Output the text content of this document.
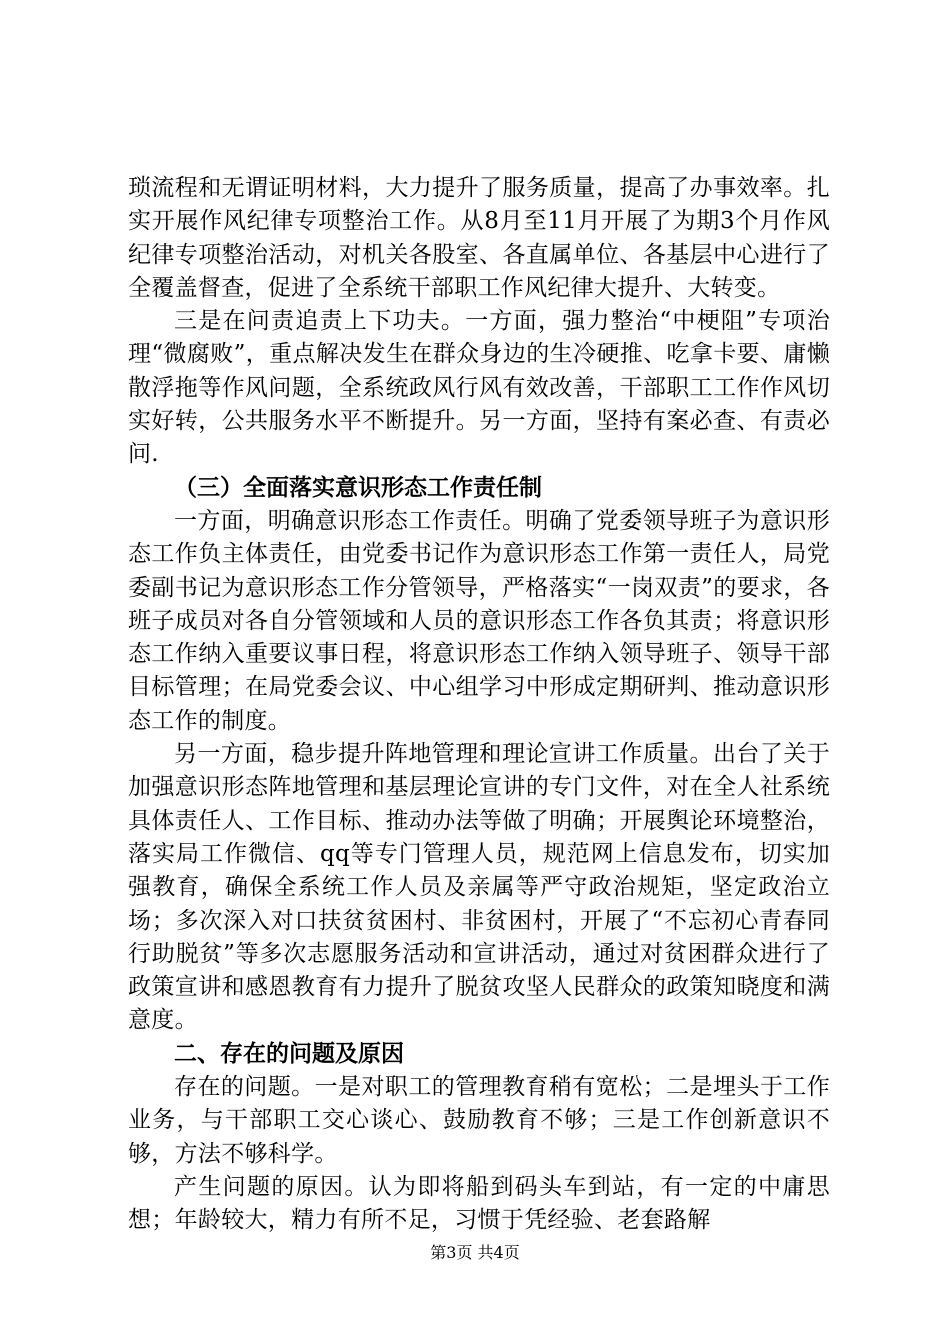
琐流程和无谓证明材料，大力提升了服务质量，提高了办事效率。扎实开展作风纪律专项整治工作。从8月至11月开展了为期3个月作风纪律专项整治活动，对机关各股室、各直属单位、各基层中心进行了全覆盖督查，促进了全系统干部职工作风纪律大提升、大转变。

三是在问责追责上下功夫。一方面，强力整治“中梗阻”专项治理“微腐败”，重点解决发生在群众身边的生冷硬推、吃拿卡要、庸懒散浮拖等作风问题，全系统政风行风有效改善，干部职工工作作风切实好转，公共服务水平不断提升。另一方面，坚持有案必查、有责必问.

（三）全面落实意识形态工作责任制

一方面，明确意识形态工作责任。明确了党委领导班子为意识形态工作负主体责任，由党委书记作为意识形态工作第一责任人，局党委副书记为意识形态工作分管领导，严格落实“一岗双责”的要求，各班子成员对各自分管领域和人员的意识形态工作各负其责；将意识形态工作纳入重要议事日程，将意识形态工作纳入领导班子、领导干部目标管理；在局党委会议、中心组学习中形成定期研判、推动意识形态工作的制度。

另一方面，稳步提升阵地管理和理论宣讲工作质量。出台了关于加强意识形态阵地管理和基层理论宣讲的专门文件，对在全人社系统具体责任人、工作目标、推动办法等做了明确；开展舆论环境整治，落实局工作微信、qq等专门管理人员，规范网上信息发布，切实加强教育，确保全系统工作人员及亲属等严守政治规矩，坚定政治立场；多次深入对口扶贫贫困村、非贫困村，开展了“不忘初心青春同行助脱贫”等多次志愿服务活动和宣讲活动，通过对贫困群众进行了政策宣讲和感恩教育有力提升了脱贫攻坚人民群众的政策知晓度和满意度。

二、存在的问题及原因

存在的问题。一是对职工的管理教育稍有宽松；二是埋头于工作业务，与干部职工交心谈心、鼓励教育不够；三是工作创新意识不够，方法不够科学。

产生问题的原因。认为即将船到码头车到站，有一定的中庸思想；年龄较大，精力有所不足，习惯于凭经验、老套路解

第3页 共4页
